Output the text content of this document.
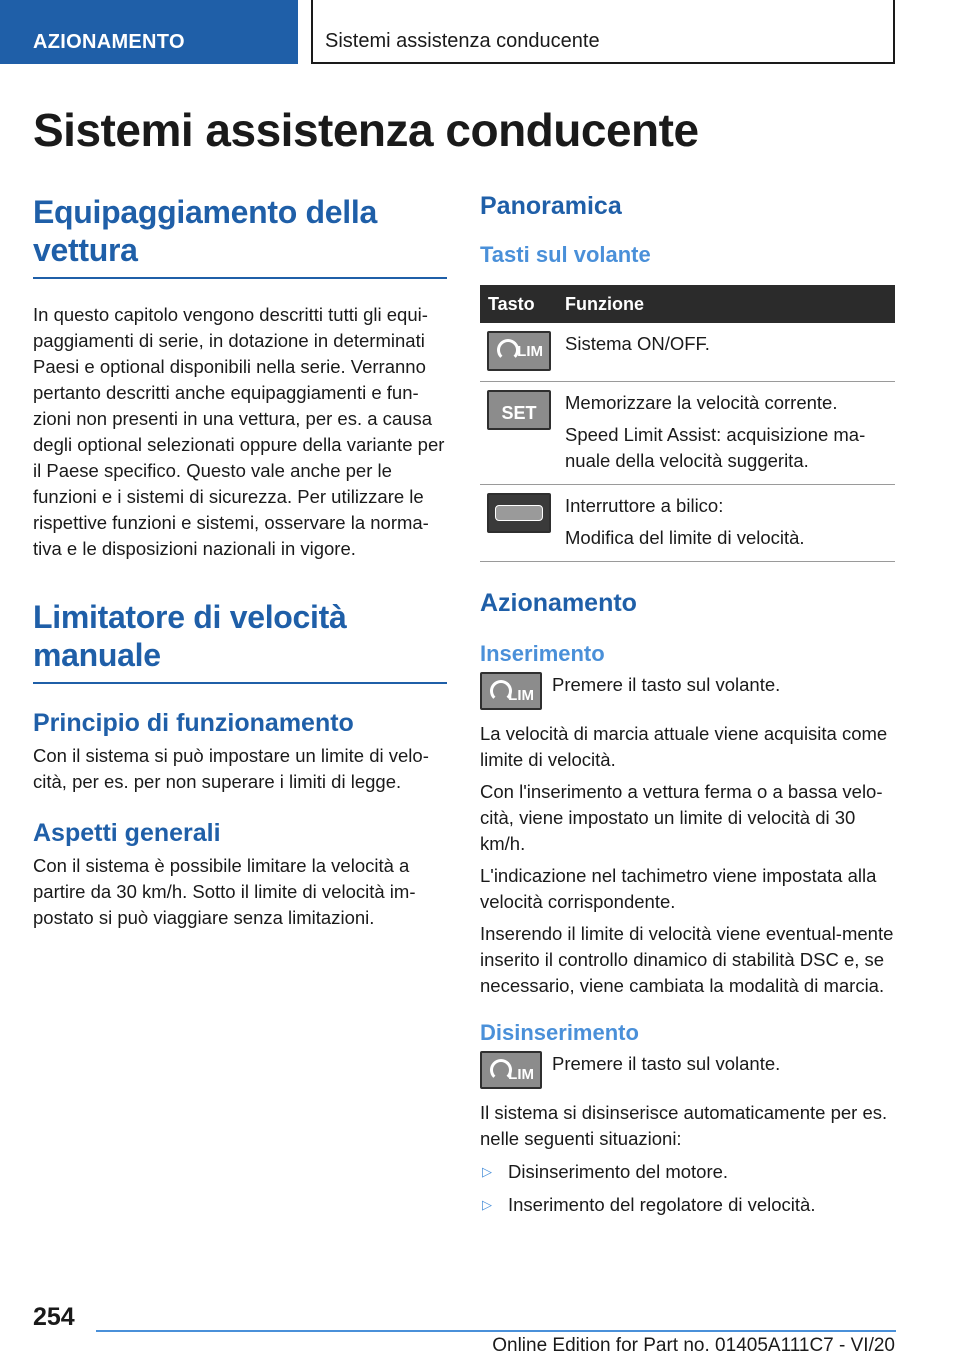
AZIONAMENTO	Sistemi assistenza conducente
Sistemi assistenza conducente
Equipaggiamento della vettura

In questo capitolo vengono descritti tutti gli equi-paggiamenti di serie, in dotazione in determinati Paesi e optional disponibili nella serie. Verranno pertanto descritti anche equipaggiamenti e fun-zioni non presenti in una vettura, per es. a causa degli optional selezionati oppure della variante per il Paese specifico. Questo vale anche per le funzioni e i sistemi di sicurezza. Per utilizzare le rispettive funzioni e sistemi, osservare la norma-tiva e le disposizioni nazionali in vigore.

Limitatore di velocità manuale
Principio di funzionamento

Con il sistema si può impostare un limite di velo-cità, per es. per non superare i limiti di legge.

Aspetti generali

Con il sistema è possibile limitare la velocità a partire da 30 km/h. Sotto il limite di velocità im-postato si può viaggiare senza limitazioni.

Panoramica
Tasti sul volante
Tasto	Funzione

LIM	Sistema ON/OFF.

SET	Memorizzare la velocità corrente.
Speed Limit Assist: acquisizione ma-nuale della velocità suggerita.

	Interruttore a bilico:
Modifica del limite di velocità.
Azionamento
Inserimento
LIM

Premere il tasto sul volante.

La velocità di marcia attuale viene acquisita come limite di velocità.

Con l'inserimento a vettura ferma o a bassa velo-cità, viene impostato un limite di velocità di 30 km/h.

L'indicazione nel tachimetro viene impostata alla velocità corrispondente.

Inserendo il limite di velocità viene eventual-mente inserito il controllo dinamico di stabilità DSC e, se necessario, viene cambiata la modalità di marcia.

Disinserimento
LIM

Premere il tasto sul volante.

Il sistema si disinserisce automaticamente per es. nelle seguenti situazioni:

▷ Disinserimento del motore.
▷ Inserimento del regolatore di velocità.
254
Online Edition for Part no. 01405A111C7 - VI/20
